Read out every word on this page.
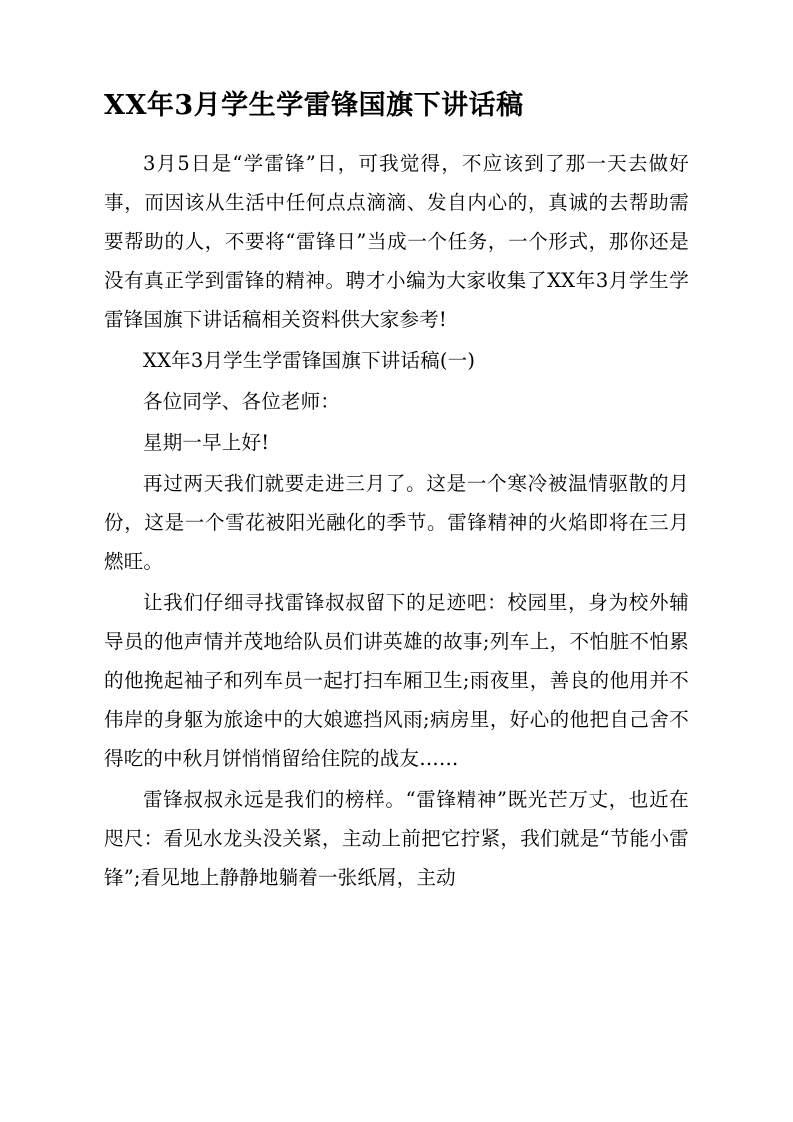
XX年3月学生学雷锋国旗下讲话稿

3月5日是“学雷锋”日，可我觉得，不应该到了那一天去做好事，而因该从生活中任何点点滴滴、发自内心的，真诚的去帮助需要帮助的人，不要将“雷锋日”当成一个任务，一个形式，那你还是没有真正学到雷锋的精神。聘才小编为大家收集了XX年3月学生学雷锋国旗下讲话稿相关资料供大家参考!

XX年3月学生学雷锋国旗下讲话稿(一)

各位同学、各位老师：

星期一早上好!

再过两天我们就要走进三月了。这是一个寒冷被温情驱散的月份，这是一个雪花被阳光融化的季节。雷锋精神的火焰即将在三月燃旺。

让我们仔细寻找雷锋叔叔留下的足迹吧：校园里，身为校外辅导员的他声情并茂地给队员们讲英雄的故事;列车上，不怕脏不怕累的他挽起袖子和列车员一起打扫车厢卫生;雨夜里，善良的他用并不伟岸的身躯为旅途中的大娘遮挡风雨;病房里，好心的他把自己舍不得吃的中秋月饼悄悄留给住院的战友……

雷锋叔叔永远是我们的榜样。“雷锋精神”既光芒万丈，也近在咫尺：看见水龙头没关紧，主动上前把它拧紧，我们就是“节能小雷锋”;看见地上静静地躺着一张纸屑，主动
